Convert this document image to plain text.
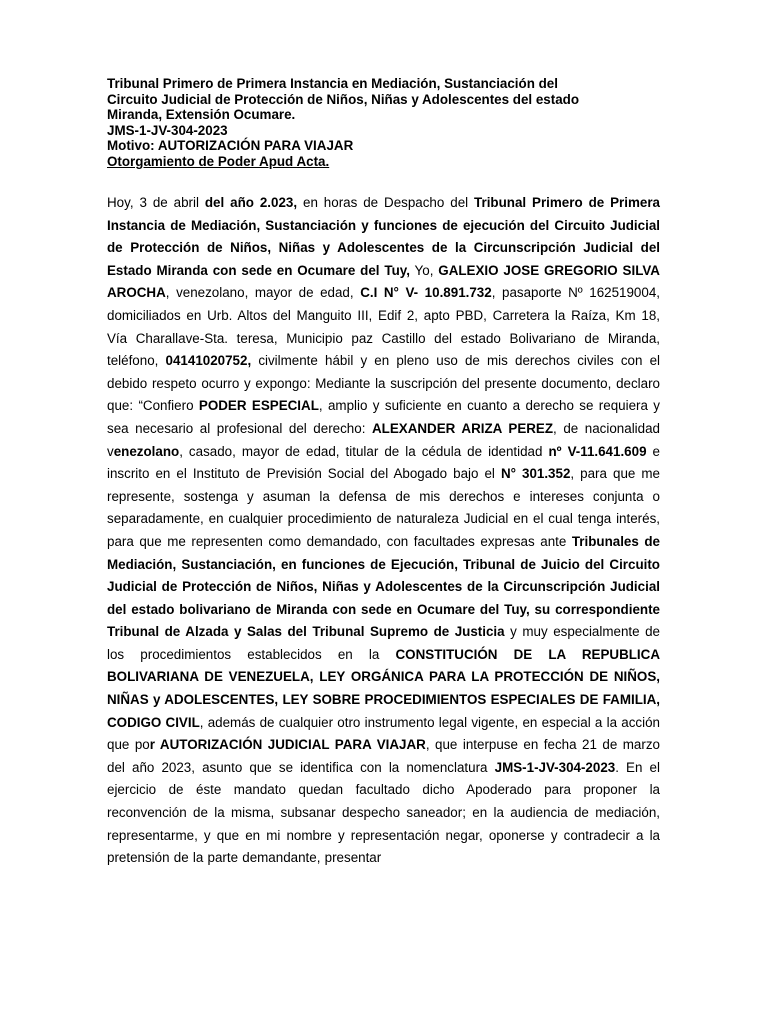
Tribunal Primero de Primera Instancia en Mediación, Sustanciación del
Circuito Judicial de Protección de Niños, Niñas y Adolescentes del estado
Miranda, Extensión Ocumare.
JMS-1-JV-304-2023
Motivo: AUTORIZACIÓN PARA VIAJAR
Otorgamiento de Poder Apud Acta.
Hoy, 3 de abril del año 2.023, en horas de Despacho del Tribunal Primero de Primera Instancia de Mediación, Sustanciación y funciones de ejecución del Circuito Judicial de Protección de Niños, Niñas y Adolescentes de la Circunscripción Judicial del Estado Miranda con sede en Ocumare del Tuy, Yo, GALEXIO JOSE GREGORIO SILVA AROCHA, venezolano, mayor de edad, C.I N° V- 10.891.732, pasaporte Nº 162519004, domiciliados en Urb. Altos del Manguito III, Edif 2, apto PBD, Carretera la Raíza, Km 18, Vía Charallave-Sta. teresa, Municipio paz Castillo del estado Bolivariano de Miranda, teléfono, 04141020752, civilmente hábil y en pleno uso de mis derechos civiles con el debido respeto ocurro y expongo: Mediante la suscripción del presente documento, declaro que: “Confiero PODER ESPECIAL, amplio y suficiente en cuanto a derecho se requiera y sea necesario al profesional del derecho: ALEXANDER ARIZA PEREZ, de nacionalidad venezolano, casado, mayor de edad, titular de la cédula de identidad nº V-11.641.609 e inscrito en el Instituto de Previsión Social del Abogado bajo el N° 301.352, para que me represente, sostenga y asuman la defensa de mis derechos e intereses conjunta o separadamente, en cualquier procedimiento de naturaleza Judicial en el cual tenga interés, para que me representen como demandado, con facultades expresas ante Tribunales de Mediación, Sustanciación, en funciones de Ejecución, Tribunal de Juicio del Circuito Judicial de Protección de Niños, Niñas y Adolescentes de la Circunscripción Judicial del estado bolivariano de Miranda con sede en Ocumare del Tuy, su correspondiente Tribunal de Alzada y Salas del Tribunal Supremo de Justicia y muy especialmente de los procedimientos establecidos en la CONSTITUCIÓN DE LA REPUBLICA BOLIVARIANA DE VENEZUELA, LEY ORGÁNICA PARA LA PROTECCIÓN DE NIÑOS, NIÑAS y ADOLESCENTES, LEY SOBRE PROCEDIMIENTOS ESPECIALES DE FAMILIA, CODIGO CIVIL, además de cualquier otro instrumento legal vigente, en especial a la acción que por AUTORIZACIÓN JUDICIAL PARA VIAJAR, que interpuse en fecha 21 de marzo del año 2023, asunto que se identifica con la nomenclatura JMS-1-JV-304-2023. En el ejercicio de éste mandato quedan facultado dicho Apoderado para proponer la reconvención de la misma, subsanar despecho saneador; en la audiencia de mediación, representarme, y que en mi nombre y representación negar, oponerse y contradecir a la pretensión de la parte demandante, presentar
